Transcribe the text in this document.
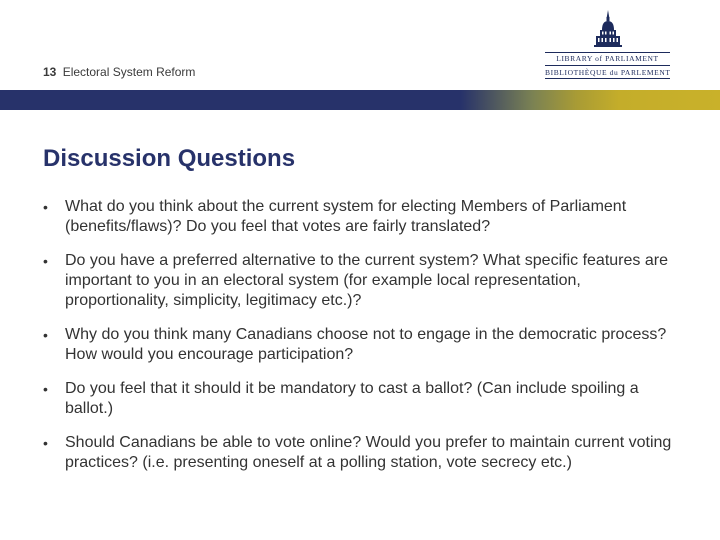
13 Electoral System Reform
LIBRARY of PARLIAMENT
BIBLIOTHÈQUE du PARLEMENT
Discussion Questions
•	What do you think about the current system for electing Members of Parliament (benefits/flaws)? Do you feel that votes are fairly translated?
•	Do you have a preferred alternative to the current system? What specific features are important to you in an electoral system (for example local representation, proportionality, simplicity, legitimacy etc.)?
•	Why do you think many Canadians choose not to engage in the democratic process? How would you encourage participation?
•	Do you feel that it should it be mandatory to cast a ballot? (Can include spoiling a ballot.)
•	Should Canadians be able to vote online? Would you prefer to maintain current voting practices? (i.e. presenting oneself at a polling station, vote secrecy etc.)
